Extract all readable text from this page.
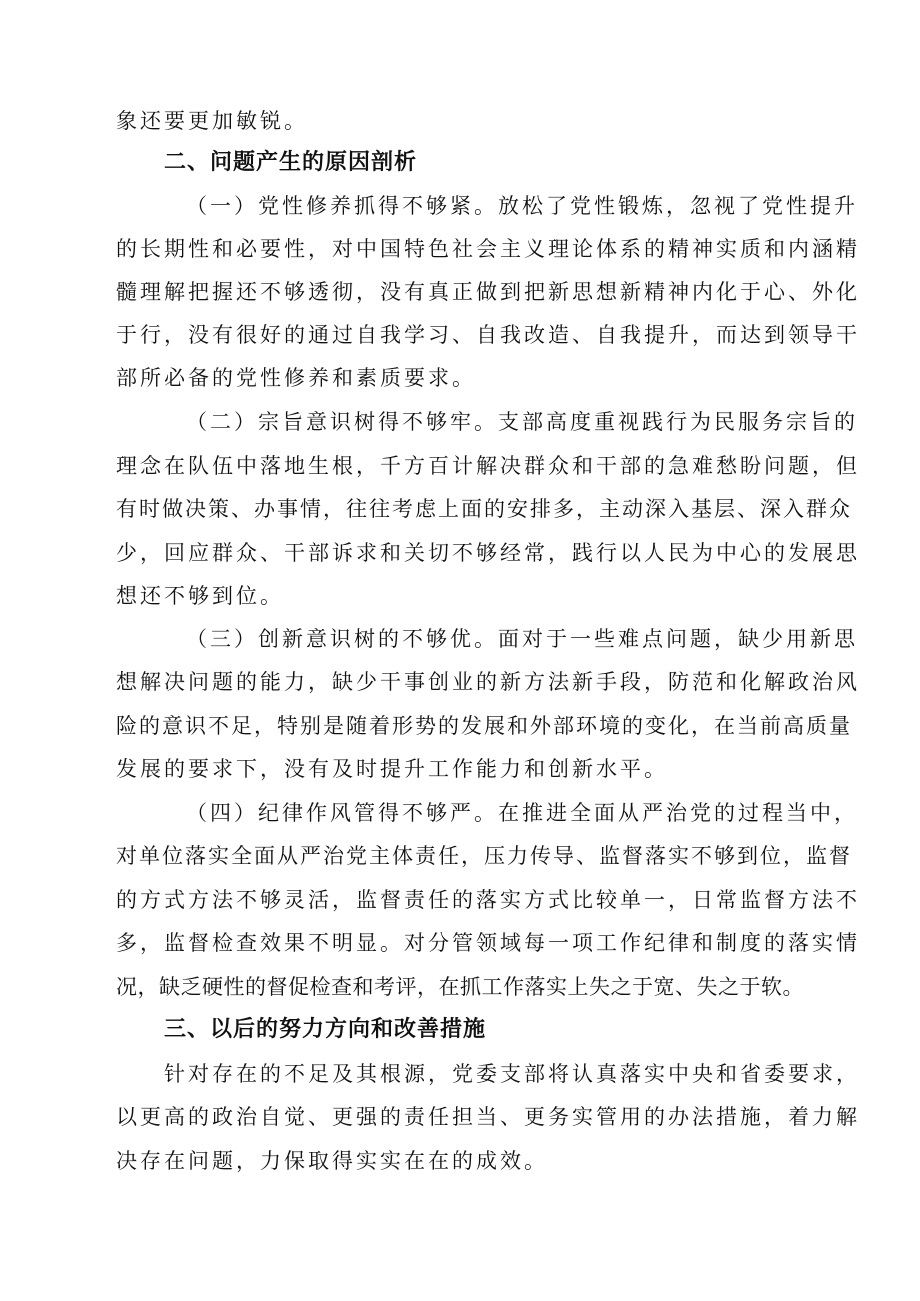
象还要更加敏锐。
二、问题产生的原因剖析
（一）党性修养抓得不够紧。放松了党性锻炼，忽视了党性提升
的长期性和必要性，对中国特色社会主义理论体系的精神实质和内涵精
髓理解把握还不够透彻，没有真正做到把新思想新精神内化于心、外化
于行，没有很好的通过自我学习、自我改造、自我提升，而达到领导干
部所必备的党性修养和素质要求。
（二）宗旨意识树得不够牢。支部高度重视践行为民服务宗旨的
理念在队伍中落地生根，千方百计解决群众和干部的急难愁盼问题，但
有时做决策、办事情，往往考虑上面的安排多，主动深入基层、深入群众
少，回应群众、干部诉求和关切不够经常，践行以人民为中心的发展思
想还不够到位。
（三）创新意识树的不够优。面对于一些难点问题，缺少用新思
想解决问题的能力，缺少干事创业的新方法新手段，防范和化解政治风
险的意识不足，特别是随着形势的发展和外部环境的变化，在当前高质量
发展的要求下，没有及时提升工作能力和创新水平。
（四）纪律作风管得不够严。在推进全面从严治党的过程当中，
对单位落实全面从严治党主体责任，压力传导、监督落实不够到位，监督
的方式方法不够灵活，监督责任的落实方式比较单一，日常监督方法不
多，监督检查效果不明显。对分管领域每一项工作纪律和制度的落实情
况，缺乏硬性的督促检查和考评，在抓工作落实上失之于宽、失之于软。
三、以后的努力方向和改善措施
针对存在的不足及其根源，党委支部将认真落实中央和省委要求，
以更高的政治自觉、更强的责任担当、更务实管用的办法措施，着力解
决存在问题，力保取得实实在在的成效。
